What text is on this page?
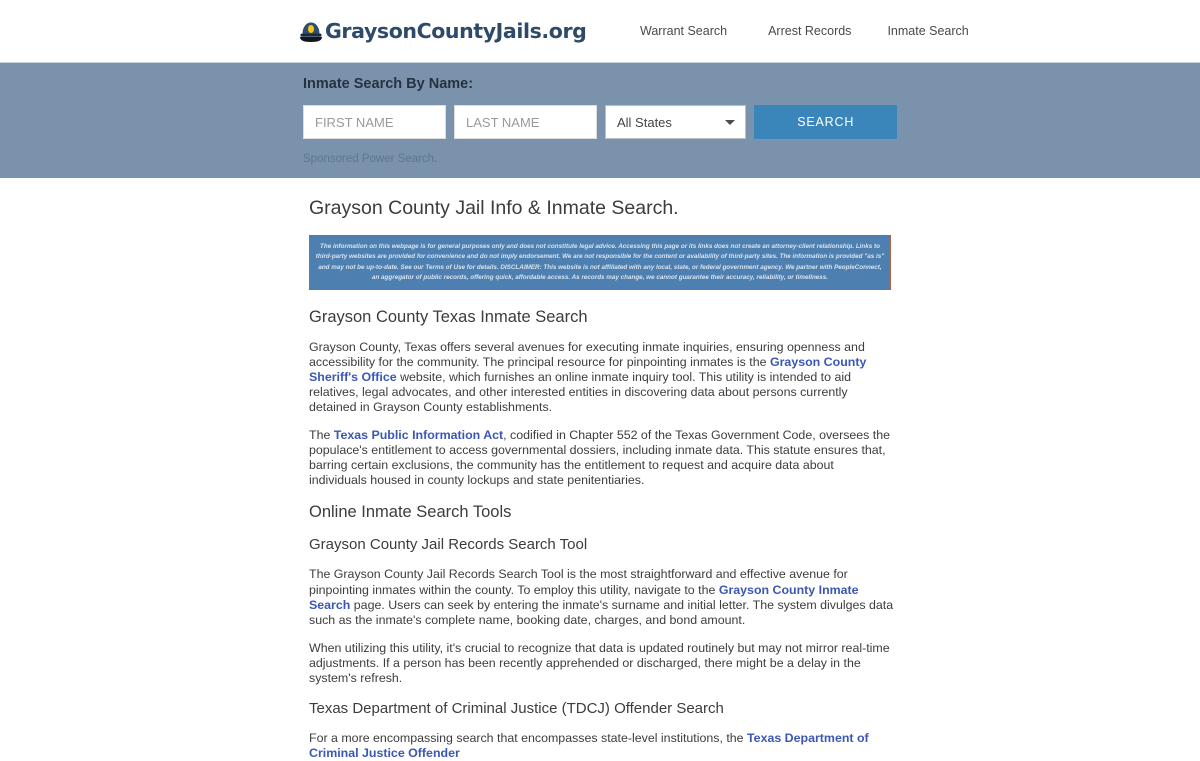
GraysonCountyJails.org	Warrant Search	Arrest Records	Inmate Search
Inmate Search By Name:
FIRST NAME
LAST NAME
All States
SEARCH
Sponsored Power Search.
Grayson County Jail Info & Inmate Search.
The information on this webpage is for general purposes only and does not constitute legal advice. Accessing this page or its links does not create an attorney-client relationship. Links to third-party websites are provided for convenience and do not imply endorsement. We are not responsible for the content or availability of third-party sites. The information is provided "as is" and may not be up-to-date. See our Terms of Use for details. DISCLAIMER: This website is not affiliated with any local, state, or federal government agency. We partner with PeopleConnect, an aggregator of public records, offering quick, affordable access. As records may change, we cannot guarantee their accuracy, reliability, or timeliness.
Grayson County Texas Inmate Search

Grayson County, Texas offers several avenues for executing inmate inquiries, ensuring openness and accessibility for the community. The principal resource for pinpointing inmates is the Grayson County Sheriff's Office website, which furnishes an online inmate inquiry tool. This utility is intended to aid relatives, legal advocates, and other interested entities in discovering data about persons currently detained in Grayson County establishments.

The Texas Public Information Act, codified in Chapter 552 of the Texas Government Code, oversees the populace's entitlement to access governmental dossiers, including inmate data. This statute ensures that, barring certain exclusions, the community has the entitlement to request and acquire data about individuals housed in county lockups and state penitentiaries.

Online Inmate Search Tools
Grayson County Jail Records Search Tool

The Grayson County Jail Records Search Tool is the most straightforward and effective avenue for pinpointing inmates within the county. To employ this utility, navigate to the Grayson County Inmate Search page. Users can seek by entering the inmate's surname and initial letter. The system divulges data such as the inmate's complete name, booking date, charges, and bond amount.

When utilizing this utility, it's crucial to recognize that data is updated routinely but may not mirror real-time adjustments. If a person has been recently apprehended or discharged, there might be a delay in the system's refresh.

Texas Department of Criminal Justice (TDCJ) Offender Search

For a more encompassing search that encompasses state-level institutions, the Texas Department of Criminal Justice Offender
